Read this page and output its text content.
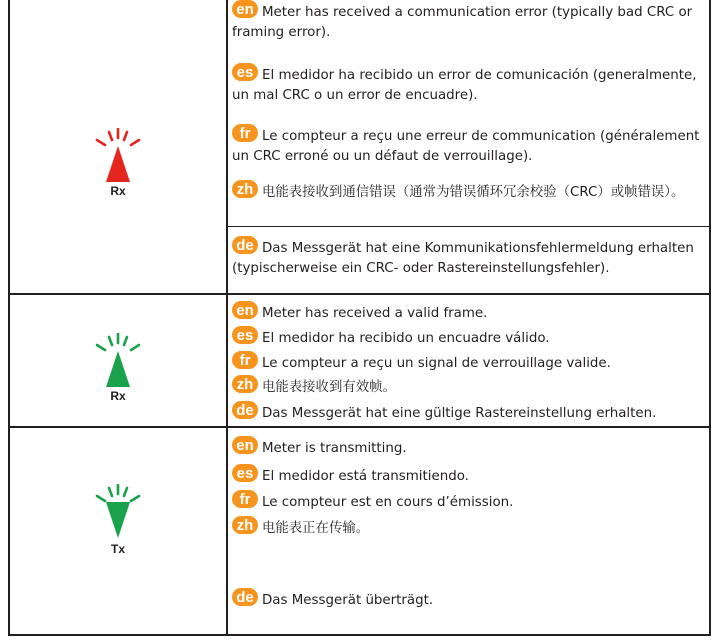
Rx
en Meter has received a communication error (typically bad CRC or framing error).
es El medidor ha recibido un error de comunicación (generalmente, un mal CRC o un error de encuadre).
fr Le compteur a reçu une erreur de communication (généralement un CRC erroné ou un défaut de verrouillage).
zh 电能表接收到通信错误（通常为错误循环冗余校验（CRC）或帧错误）。
de Das Messgerät hat eine Kommunikationsfehlermeldung erhalten (typischerweise ein CRC- oder Rastereinstellungsfehler).
Rx
en Meter has received a valid frame.
es El medidor ha recibido un encuadre válido.
fr Le compteur a reçu un signal de verrouillage valide.
zh 电能表接收到有效帧。
de Das Messgerät hat eine gültige Rastereinstellung erhalten.
Tx
en Meter is transmitting.
es El medidor está transmitiendo.
fr Le compteur est en cours d’émission.
zh 电能表正在传输。
de Das Messgerät überträgt.
